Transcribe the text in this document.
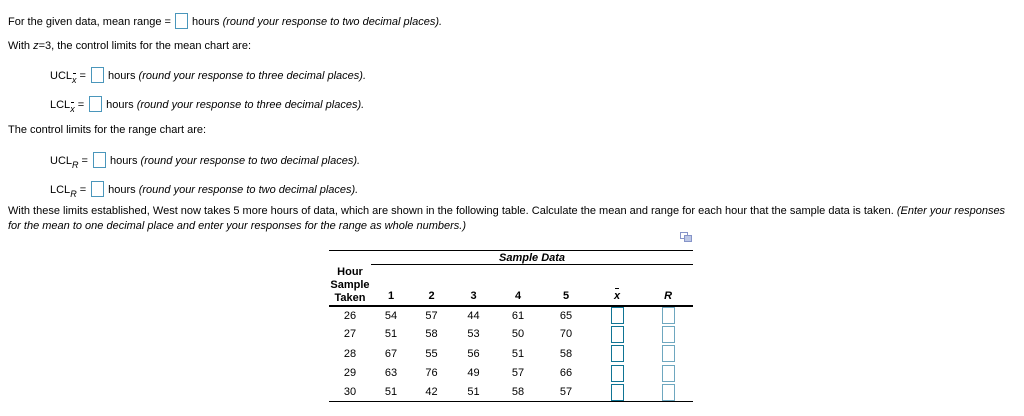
For the given data, mean range = hours (round your response to two decimal places).
With z=3, the control limits for the mean chart are:
$UCL_x$ = hours (round your response to three decimal places).
$LCL_x$ = hours (round your response to three decimal places).
The control limits for the range chart are:
$UCL_R$ = hours (round your response to two decimal places).
$LCL_R$ = hours (round your response to two decimal places).
With these limits established, West now takes 5 more hours of data, which are shown in the following table. Calculate the mean and range for each hour that the sample data is taken. (Enter your responses for the mean to one decimal place and enter your responses for the range as whole numbers.)
Hour
Sample
Taken	Sample Data						
	1	2	3	4	5	x	R
26	54	57	44	61	65		
27	51	58	53	50	70		
28	67	55	56	51	58		
29	63	76	49	57	66		
30	51	42	51	58	57		
